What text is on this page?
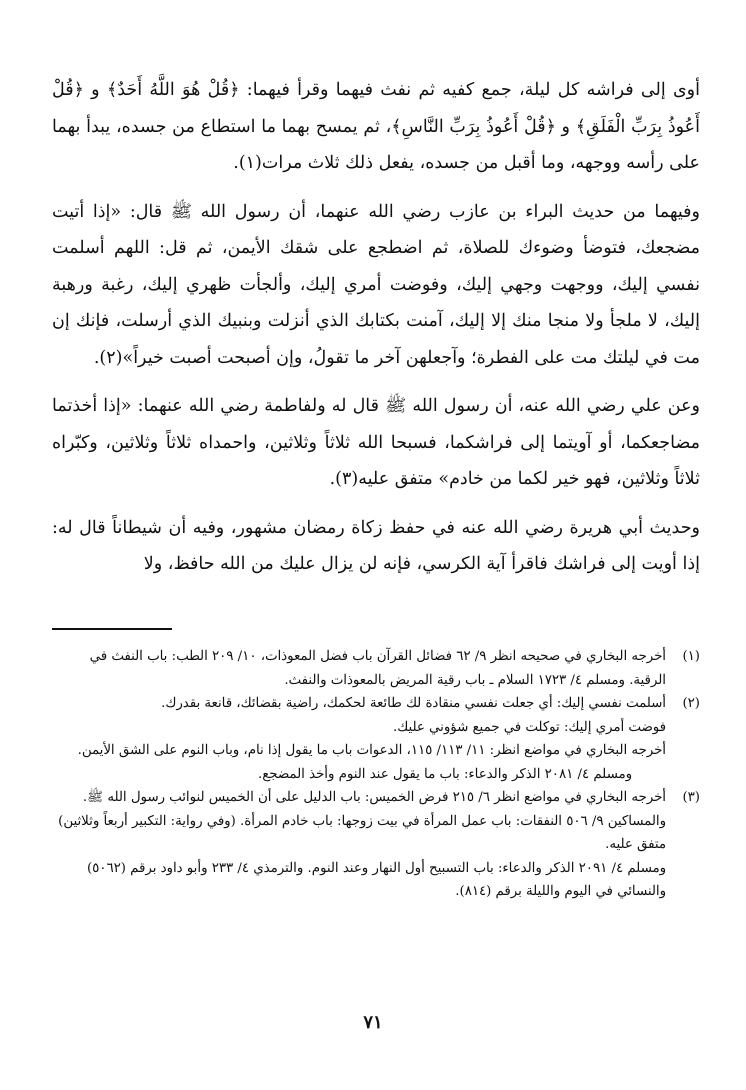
أوى إلى فراشه كل ليلة، جمع كفيه ثم نفث فيهما وقرأ فيهما: ﴿قُلْ هُوَ اللَّهُ أَحَدٌ﴾ و ﴿قُلْ أَعُوذُ بِرَبِّ الْفَلَقِ﴾ و ﴿قُلْ أَعُوذُ بِرَبِّ النَّاسِ﴾، ثم يمسح بهما ما استطاع من جسده، يبدأ بهما على رأسه ووجهه، وما أقبل من جسده، يفعل ذلك ثلاث مرات(١).

وفيهما من حديث البراء بن عازب رضي الله عنهما، أن رسول الله ﷺ قال: «إذا أتيت مضجعك، فتوضأ وضوءك للصلاة، ثم اضطجع على شقك الأيمن، ثم قل: اللهم أسلمت نفسي إليك، ووجهت وجهي إليك، وفوضت أمري إليك، وألجأت ظهري إليك، رغبة ورهبة إليك، لا ملجأ ولا منجا منك إلا إليك، آمنت بكتابك الذي أنزلت وبنبيك الذي أرسلت، فإنك إن مت في ليلتك مت على الفطرة؛ وآجعلهن آخر ما تقولُ، وإن أصبحت أصبت خيراً»(٢).

وعن علي رضي الله عنه، أن رسول الله ﷺ قال له ولفاطمة رضي الله عنهما: «إذا أخذتما مضاجعكما، أو آويتما إلى فراشكما، فسبحا الله ثلاثاً وثلاثين، واحمداه ثلاثاً وثلاثين، وكبّراه ثلاثاً وثلاثين، فهو خير لكما من خادم» متفق عليه(٣).

وحديث أبي هريرة رضي الله عنه في حفظ زكاة رمضان مشهور، وفيه أن شيطاناً قال له: إذا أويت إلى فراشك فاقرأ آية الكرسي، فإنه لن يزال عليك من الله حافظ، ولا

(١)
أخرجه البخاري في صحيحه انظر ٩/ ٦٢ فضائل القرآن باب فضل المعوذات، ١٠/ ٢٠٩ الطب: باب النفث في الرقية. ومسلم ٤/ ١٧٢٣ السلام ـ باب رقية المريض بالمعوذات والنفث.
(٢)
أسلمت نفسي إليك: أي جعلت نفسي منقادة لك طائعة لحكمك، راضية بقضائك، قانعة بقدرك.
فوضت أمري إليك: توكلت في جميع شؤوني عليك.
أخرجه البخاري في مواضع انظر: ١١/ ١١٣/ ١١٥، الدعوات باب ما يقول إذا نام، وباب النوم على الشق الأيمن.
ومسلم ٤/ ٢٠٨١ الذكر والدعاء: باب ما يقول عند النوم وأخذ المضجع.
(٣)
أخرجه البخاري في مواضع انظر ٦/ ٢١٥ فرض الخميس: باب الدليل على أن الخميس لنوائب رسول الله ﷺ. والمساكين ٩/ ٥٠٦ النفقات: باب عمل المرأة في بيت زوجها: باب خادم المرأة. (وفي رواية: التكبير أربعاً وثلاثين) متفق عليه.
ومسلم ٤/ ٢٠٩١ الذكر والدعاء: باب التسبيح أول النهار وعند النوم. والترمذي ٤/ ٢٣٣ وأبو داود برقم (٥٠٦٢) والنسائي في اليوم والليلة برقم (٨١٤).
٧١
